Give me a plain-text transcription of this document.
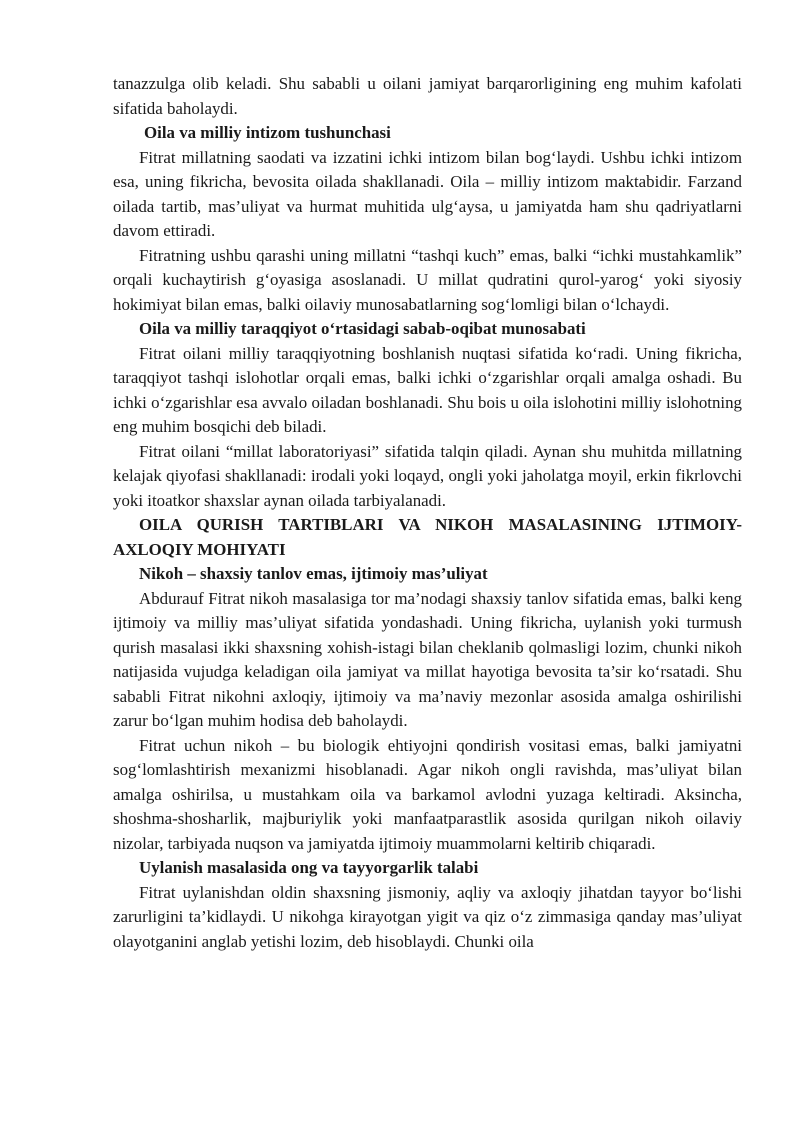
tanazzulga olib keladi. Shu sababli u oilani jamiyat barqarorligining eng muhim kafolati sifatida baholaydi.

Oila va milliy intizom tushunchasi

Fitrat millatning saodati va izzatini ichki intizom bilan bog‘laydi. Ushbu ichki intizom esa, uning fikricha, bevosita oilada shakllanadi. Oila – milliy intizom maktabidir. Farzand oilada tartib, mas’uliyat va hurmat muhitida ulg‘aysa, u jamiyatda ham shu qadriyatlarni davom ettiradi.

Fitratning ushbu qarashi uning millatni “tashqi kuch” emas, balki “ichki mustahkamlik” orqali kuchaytirish g‘oyasiga asoslanadi. U millat qudratini qurol-yarog‘ yoki siyosiy hokimiyat bilan emas, balki oilaviy munosabatlarning sog‘lomligi bilan o‘lchaydi.

Oila va milliy taraqqiyot o‘rtasidagi sabab-oqibat munosabati

Fitrat oilani milliy taraqqiyotning boshlanish nuqtasi sifatida ko‘radi. Uning fikricha, taraqqiyot tashqi islohotlar orqali emas, balki ichki o‘zgarishlar orqali amalga oshadi. Bu ichki o‘zgarishlar esa avvalo oiladan boshlanadi. Shu bois u oila islohotini milliy islohotning eng muhim bosqichi deb biladi.

Fitrat oilani “millat laboratoriyasi” sifatida talqin qiladi. Aynan shu muhitda millatning kelajak qiyofasi shakllanadi: irodali yoki loqayd, ongli yoki jaholatga moyil, erkin fikrlovchi yoki itoatkor shaxslar aynan oilada tarbiyalanadi.

OILA QURISH TARTIBLARI VA NIKOH MASALASINING IJTIMOIY-AXLOQIY MOHIYATI
Nikoh – shaxsiy tanlov emas, ijtimoiy mas’uliyat

Abdurauf Fitrat nikoh masalasiga tor ma’nodagi shaxsiy tanlov sifatida emas, balki keng ijtimoiy va milliy mas’uliyat sifatida yondashadi. Uning fikricha, uylanish yoki turmush qurish masalasi ikki shaxsning xohish-istagi bilan cheklanib qolmasligi lozim, chunki nikoh natijasida vujudga keladigan oila jamiyat va millat hayotiga bevosita ta’sir ko‘rsatadi. Shu sababli Fitrat nikohni axloqiy, ijtimoiy va ma’naviy mezonlar asosida amalga oshirilishi zarur bo‘lgan muhim hodisa deb baholaydi.

Fitrat uchun nikoh – bu biologik ehtiyojni qondirish vositasi emas, balki jamiyatni sog‘lomlashtirish mexanizmi hisoblanadi. Agar nikoh ongli ravishda, mas’uliyat bilan amalga oshirilsa, u mustahkam oila va barkamol avlodni yuzaga keltiradi. Aksincha, shoshma-shosharlik, majburiylik yoki manfaatparastlik asosida qurilgan nikoh oilaviy nizolar, tarbiyada nuqson va jamiyatda ijtimoiy muammolarni keltirib chiqaradi.

Uylanish masalasida ong va tayyorgarlik talabi

Fitrat uylanishdan oldin shaxsning jismoniy, aqliy va axloqiy jihatdan tayyor bo‘lishi zarurligini ta’kidlaydi. U nikohga kirayotgan yigit va qiz o‘z zimmasiga qanday mas’uliyat olayotganini anglab yetishi lozim, deb hisoblaydi. Chunki oila
